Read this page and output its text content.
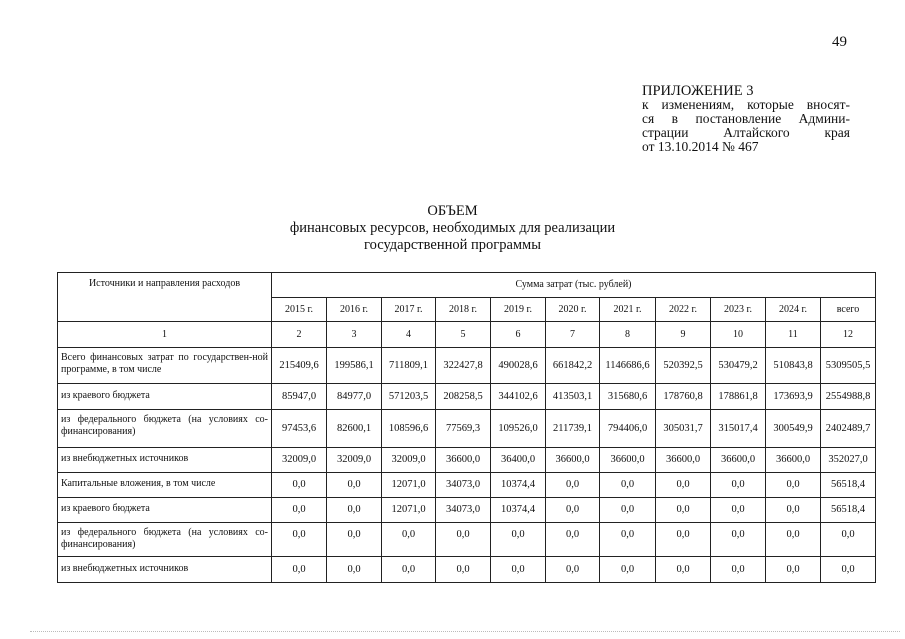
49
ПРИЛОЖЕНИЕ 3
к изменениям, которые вносят-
ся в постановление Админи-
страции Алтайского края
от 13.10.2014 № 467
ОБЪЕМ
финансовых ресурсов, необходимых для реализации
государственной программы
Источники и направления расходов	Сумма затрат (тыс. рублей)										
	2015 г.	2016 г.	2017 г.	2018 г.	2019 г.	2020 г.	2021 г.	2022 г.	2023 г.	2024 г.	всего
1	2	3	4	5	6	7	8	9	10	11	12
Всего финансовых затрат по государствен-ной программе, в том числе	215409,6	199586,1	711809,1	322427,8	490028,6	661842,2	1146686,6	520392,5	530479,2	510843,8	5309505,5
из краевого бюджета	85947,0	84977,0	571203,5	208258,5	344102,6	413503,1	315680,6	178760,8	178861,8	173693,9	2554988,8
из федерального бюджета (на условиях со-финансирования)	97453,6	82600,1	108596,6	77569,3	109526,0	211739,1	794406,0	305031,7	315017,4	300549,9	2402489,7
из внебюджетных источников	32009,0	32009,0	32009,0	36600,0	36400,0	36600,0	36600,0	36600,0	36600,0	36600,0	352027,0
Капитальные вложения, в том числе	0,0	0,0	12071,0	34073,0	10374,4	0,0	0,0	0,0	0,0	0,0	56518,4
из краевого бюджета	0,0	0,0	12071,0	34073,0	10374,4	0,0	0,0	0,0	0,0	0,0	56518,4
из федерального бюджета (на условиях со-финансирования)	0,0	0,0	0,0	0,0	0,0	0,0	0,0	0,0	0,0	0,0	0,0
из внебюджетных источников	0,0	0,0	0,0	0,0	0,0	0,0	0,0	0,0	0,0	0,0	0,0
